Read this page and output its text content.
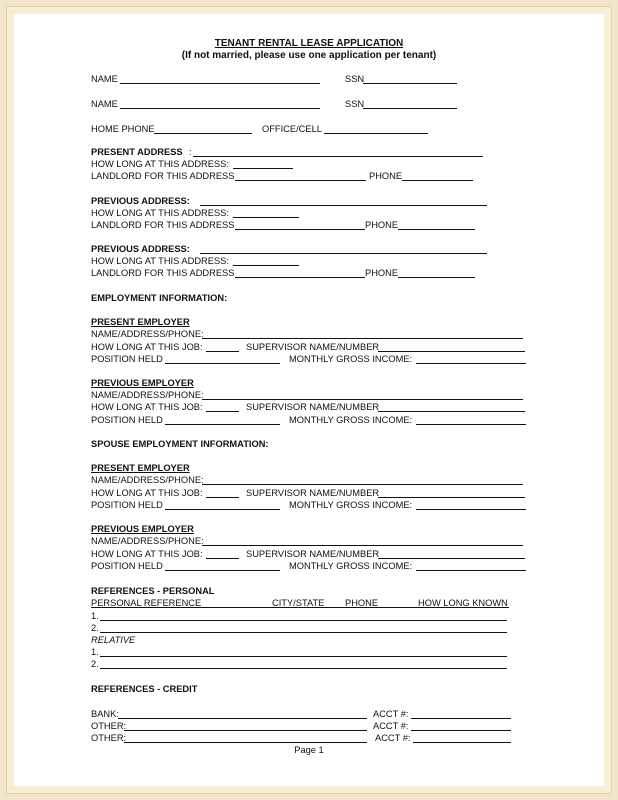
TENANT RENTAL LEASE APPLICATION
(If not married, please use one application per tenant)
NAME	SSN
NAME	SSN
HOME PHONE	OFFICE/CELL
PRESENT ADDRESS :
HOW LONG AT THIS ADDRESS:
LANDLORD FOR THIS ADDRESS	PHONE
PREVIOUS ADDRESS:
HOW LONG AT THIS ADDRESS:
LANDLORD FOR THIS ADDRESS	PHONE
PREVIOUS ADDRESS:
HOW LONG AT THIS ADDRESS:
LANDLORD FOR THIS ADDRESS	PHONE
EMPLOYMENT INFORMATION:
PRESENT EMPLOYER
NAME/ADDRESS/PHONE:
HOW LONG AT THIS JOB:	SUPERVISOR NAME/NUMBER
POSITION HELD	MONTHLY GROSS INCOME:
PREVIOUS EMPLOYER
NAME/ADDRESS/PHONE:
HOW LONG AT THIS JOB:	SUPERVISOR NAME/NUMBER
POSITION HELD	MONTHLY GROSS INCOME:
SPOUSE EMPLOYMENT INFORMATION:
PRESENT EMPLOYER
NAME/ADDRESS/PHONE:
HOW LONG AT THIS JOB:	SUPERVISOR NAME/NUMBER
POSITION HELD	MONTHLY GROSS INCOME:
PREVIOUS EMPLOYER
NAME/ADDRESS/PHONE:
HOW LONG AT THIS JOB:	SUPERVISOR NAME/NUMBER
POSITION HELD	MONTHLY GROSS INCOME:
REFERENCES - PERSONAL
PERSONAL REFERENCE	CITY/STATE PHONE	HOW LONG KNOWN
1.
2.
RELATIVE
1.
2.
REFERENCES - CREDIT
BANK:	ACCT #:
OTHER:	ACCT #:
OTHER:	ACCT #:
Page 1
